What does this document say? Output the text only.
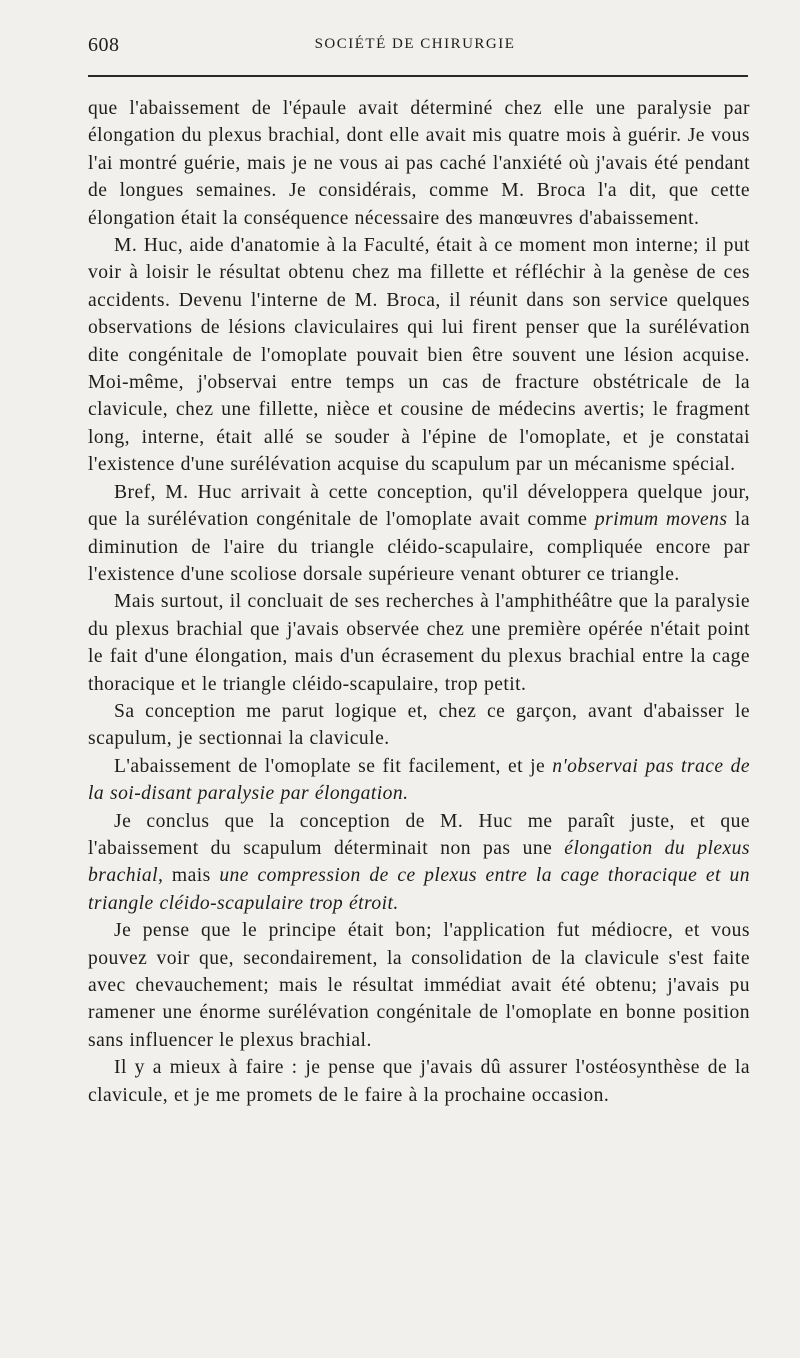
608	SOCIÉTÉ DE CHIRURGIE

que l'abaissement de l'épaule avait déterminé chez elle une paralysie par élongation du plexus brachial, dont elle avait mis quatre mois à guérir. Je vous l'ai montré guérie, mais je ne vous ai pas caché l'anxiété où j'avais été pendant de longues semaines. Je considérais, comme M. Broca l'a dit, que cette élongation était la conséquence nécessaire des manœuvres d'abaissement.

M. Huc, aide d'anatomie à la Faculté, était à ce moment mon interne; il put voir à loisir le résultat obtenu chez ma fillette et réfléchir à la genèse de ces accidents. Devenu l'interne de M. Broca, il réunit dans son service quelques observations de lésions claviculaires qui lui firent penser que la surélévation dite congénitale de l'omoplate pouvait bien être souvent une lésion acquise. Moi-même, j'observai entre temps un cas de fracture obstétricale de la clavicule, chez une fillette, nièce et cousine de médecins avertis; le fragment long, interne, était allé se souder à l'épine de l'omoplate, et je constatai l'existence d'une surélévation acquise du scapulum par un mécanisme spécial.

Bref, M. Huc arrivait à cette conception, qu'il développera quelque jour, que la surélévation congénitale de l'omoplate avait comme primum movens la diminution de l'aire du triangle cléido-scapulaire, compliquée encore par l'existence d'une scoliose dorsale supérieure venant obturer ce triangle.

Mais surtout, il concluait de ses recherches à l'amphithéâtre que la paralysie du plexus brachial que j'avais observée chez une première opérée n'était point le fait d'une élongation, mais d'un écrasement du plexus brachial entre la cage thoracique et le triangle cléido-scapulaire, trop petit.

Sa conception me parut logique et, chez ce garçon, avant d'abaisser le scapulum, je sectionnai la clavicule.

L'abaissement de l'omoplate se fit facilement, et je n'observai pas trace de la soi-disant paralysie par élongation.

Je conclus que la conception de M. Huc me paraît juste, et que l'abaissement du scapulum déterminait non pas une élongation du plexus brachial, mais une compression de ce plexus entre la cage thoracique et un triangle cléido-scapulaire trop étroit.

Je pense que le principe était bon; l'application fut médiocre, et vous pouvez voir que, secondairement, la consolidation de la clavicule s'est faite avec chevauchement; mais le résultat immédiat avait été obtenu; j'avais pu ramener une énorme surélévation congénitale de l'omoplate en bonne position sans influencer le plexus brachial.

Il y a mieux à faire : je pense que j'avais dû assurer l'ostéosynthèse de la clavicule, et je me promets de le faire à la prochaine occasion.
